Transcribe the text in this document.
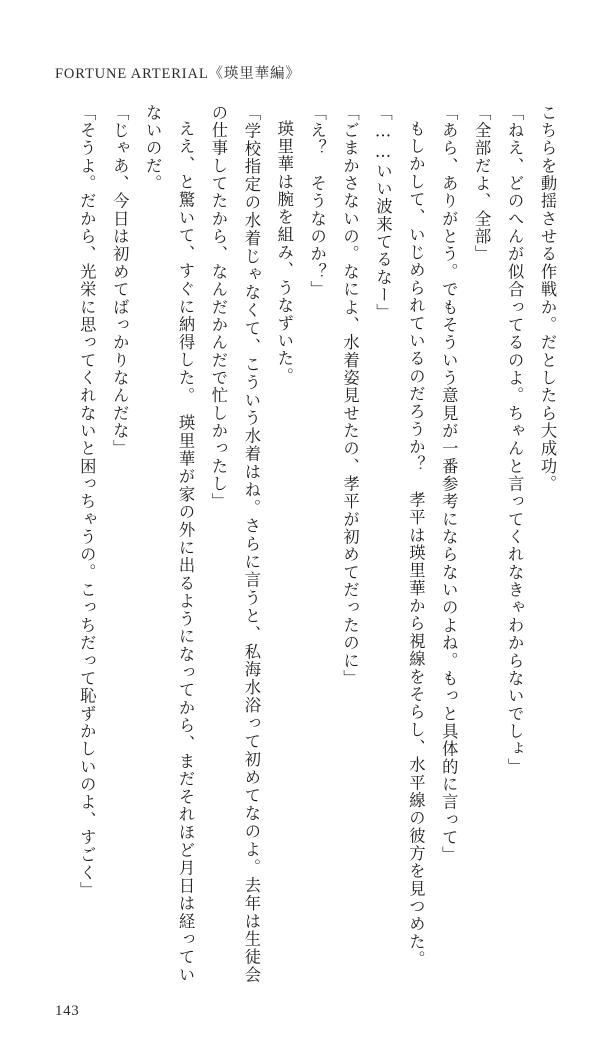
FORTUNE ARTERIAL《瑛里華編》

こちらを動揺させる作戦か。だとしたら大成功。

「ねえ、どのへんが似合ってるのよ。ちゃんと言ってくれなきゃわからないでしょ」

「全部だよ、全部」

「あら、ありがとう。でもそういう意見が一番参考にならないのよね。もっと具体的に言って」

もしかして、いじめられているのだろうか？　孝平は瑛里華から視線をそらし、水平線の彼方を見つめた。

「……いい波来てるなー」

「ごまかさないの。なによ、水着姿見せたの、孝平が初めてだったのに」

「え？　そうなのか？」

瑛里華は腕を組み、うなずいた。

「学校指定の水着じゃなくて、こういう水着はね。さらに言うと、私海水浴って初めてなのよ。去年は生徒会の仕事してたから、なんだかんだで忙しかったし」

ええ、と驚いて、すぐに納得した。　瑛里華が家の外に出るようになってから、まだそれほど月日は経っていないのだ。

「じゃあ、今日は初めてばっかりなんだな」

「そうよ。だから、光栄に思ってくれないと困っちゃうの。こっちだって恥ずかしいのよ、すごく」

143
